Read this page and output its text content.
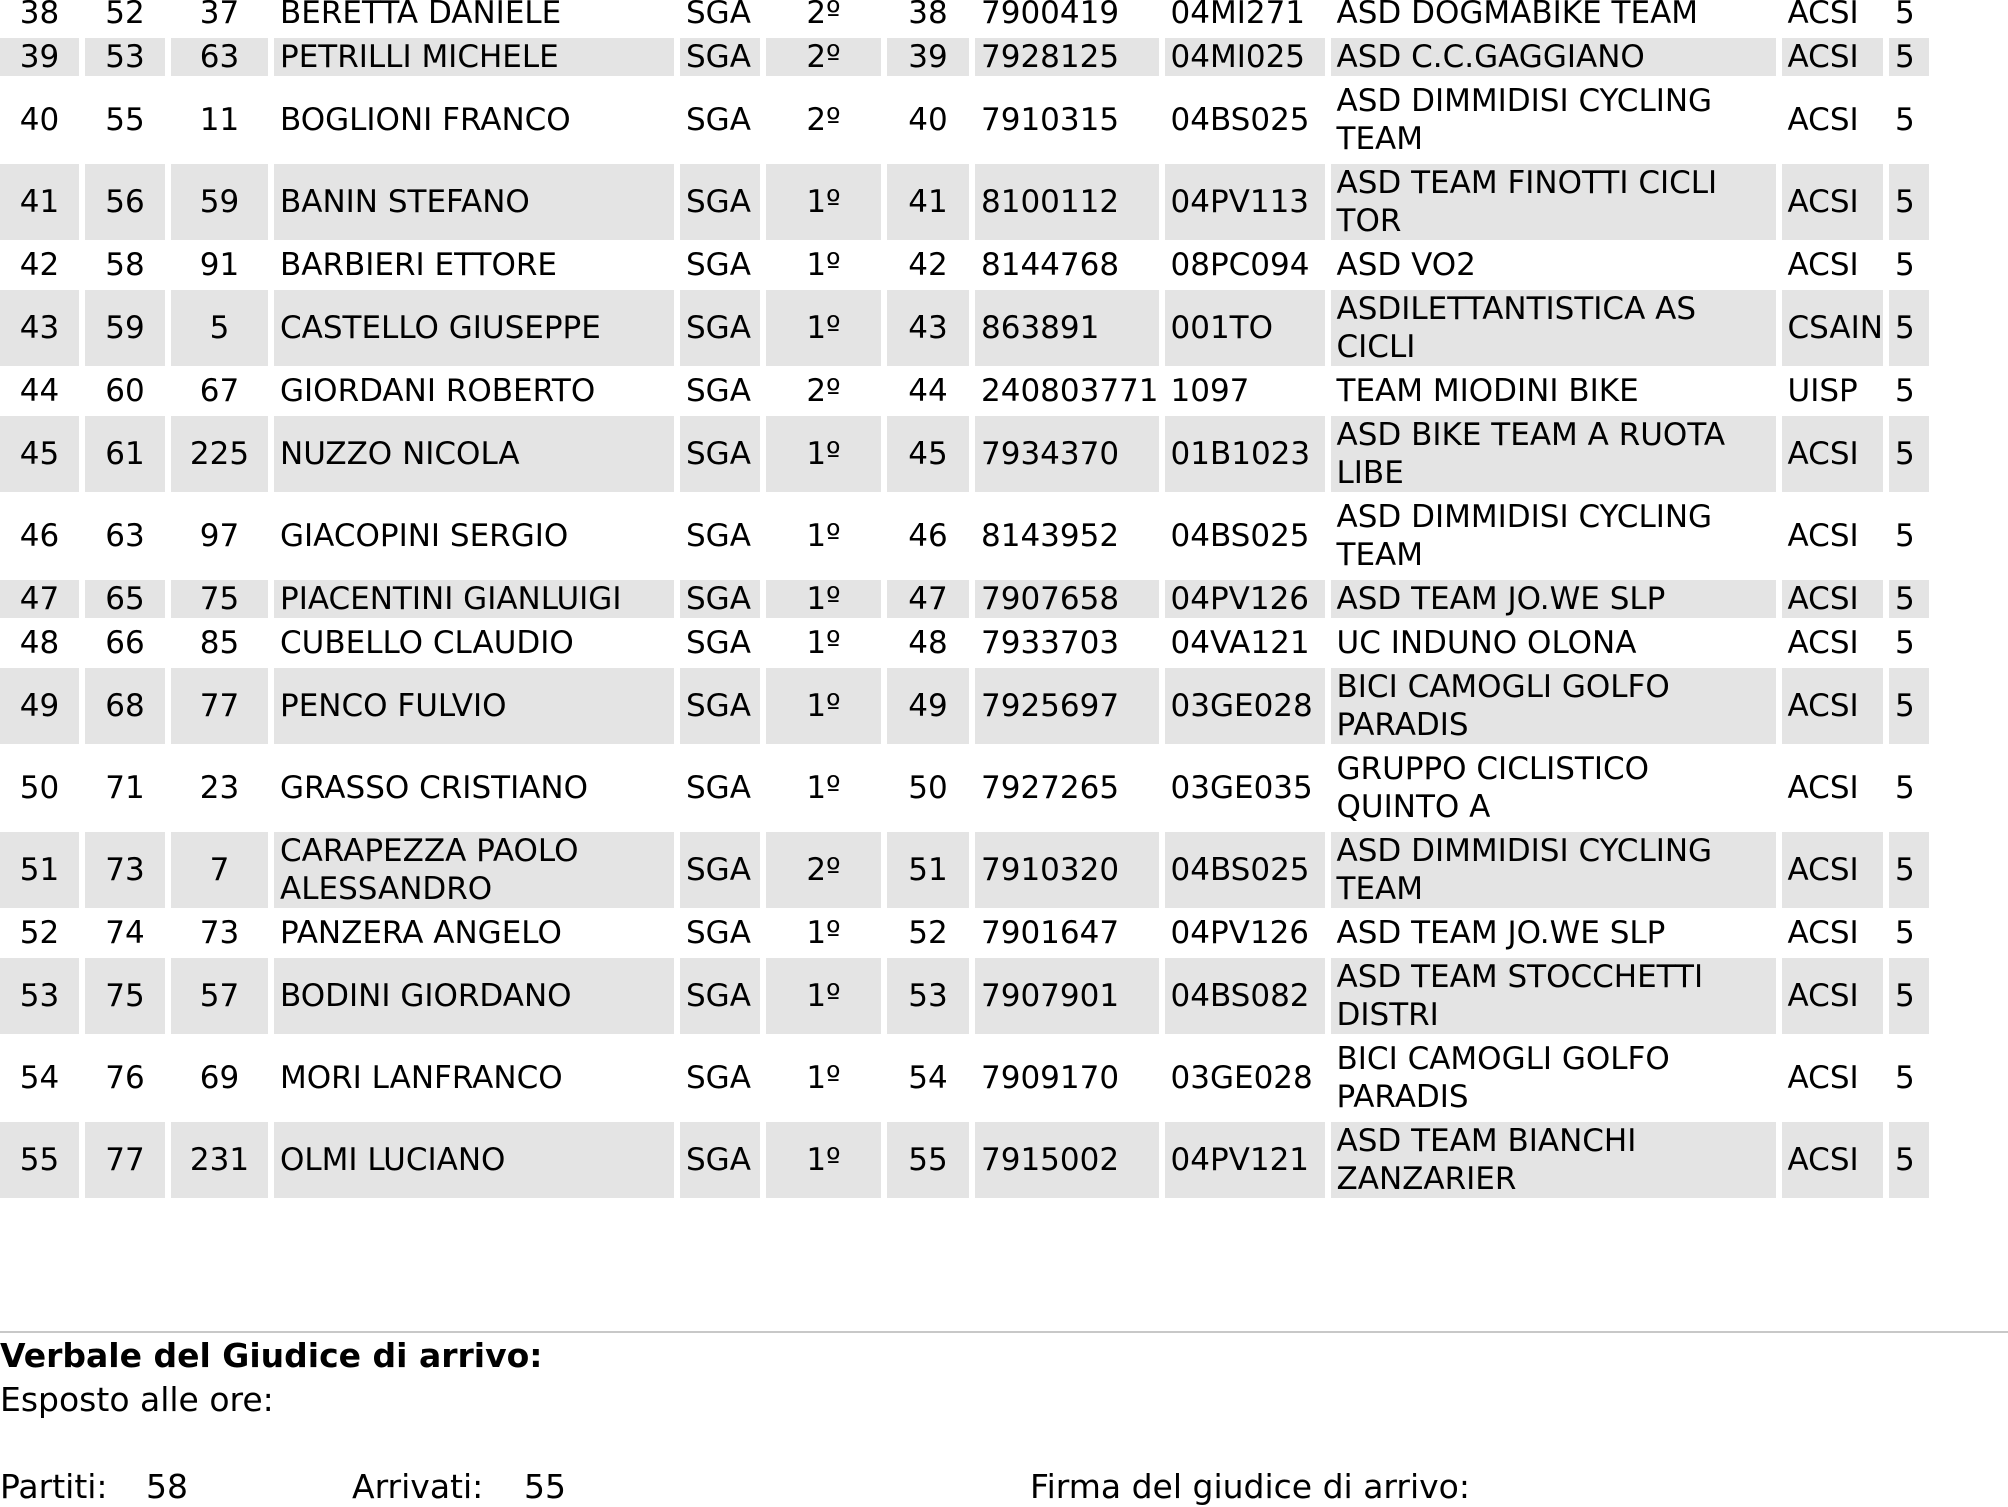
38	52	37	BERETTA DANIELE	SGA	2º	38	7900419	04MI271	ASD DOGMABIKE TEAM	ACSI	5
39	53	63	PETRILLI MICHELE	SGA	2º	39	7928125	04MI025	ASD C.C.GAGGIANO	ACSI	5
40	55	11	BOGLIONI FRANCO	SGA	2º	40	7910315	04BS025	ASD DIMMIDISI CYCLING TEAM	ACSI	5
41	56	59	BANIN STEFANO	SGA	1º	41	8100112	04PV113	ASD TEAM FINOTTI CICLI TOR	ACSI	5
42	58	91	BARBIERI ETTORE	SGA	1º	42	8144768	08PC094	ASD VO2	ACSI	5
43	59	5	CASTELLO GIUSEPPE	SGA	1º	43	863891	001TO	ASDILETTANTISTICA AS CICLI	CSAIN	5
44	60	67	GIORDANI ROBERTO	SGA	2º	44	240803771	1097	TEAM MIODINI BIKE	UISP	5
45	61	225	NUZZO NICOLA	SGA	1º	45	7934370	01B1023	ASD BIKE TEAM A RUOTA LIBE	ACSI	5
46	63	97	GIACOPINI SERGIO	SGA	1º	46	8143952	04BS025	ASD DIMMIDISI CYCLING TEAM	ACSI	5
47	65	75	PIACENTINI GIANLUIGI	SGA	1º	47	7907658	04PV126	ASD TEAM JO.WE SLP	ACSI	5
48	66	85	CUBELLO CLAUDIO	SGA	1º	48	7933703	04VA121	UC INDUNO OLONA	ACSI	5
49	68	77	PENCO FULVIO	SGA	1º	49	7925697	03GE028	BICI CAMOGLI GOLFO PARADIS	ACSI	5
50	71	23	GRASSO CRISTIANO	SGA	1º	50	7927265	03GE035	GRUPPO CICLISTICO QUINTO A	ACSI	5
51	73	7	CARAPEZZA PAOLO ALESSANDRO	SGA	2º	51	7910320	04BS025	ASD DIMMIDISI CYCLING TEAM	ACSI	5
52	74	73	PANZERA ANGELO	SGA	1º	52	7901647	04PV126	ASD TEAM JO.WE SLP	ACSI	5
53	75	57	BODINI GIORDANO	SGA	1º	53	7907901	04BS082	ASD TEAM STOCCHETTI DISTRI	ACSI	5
54	76	69	MORI LANFRANCO	SGA	1º	54	7909170	03GE028	BICI CAMOGLI GOLFO PARADIS	ACSI	5
55	77	231	OLMI LUCIANO	SGA	1º	55	7915002	04PV121	ASD TEAM BIANCHI ZANZARIER	ACSI	5
Verbale del Giudice di arrivo:
Esposto alle ore:
Partiti: 58	Arrivati: 55	Firma del giudice di arrivo:
